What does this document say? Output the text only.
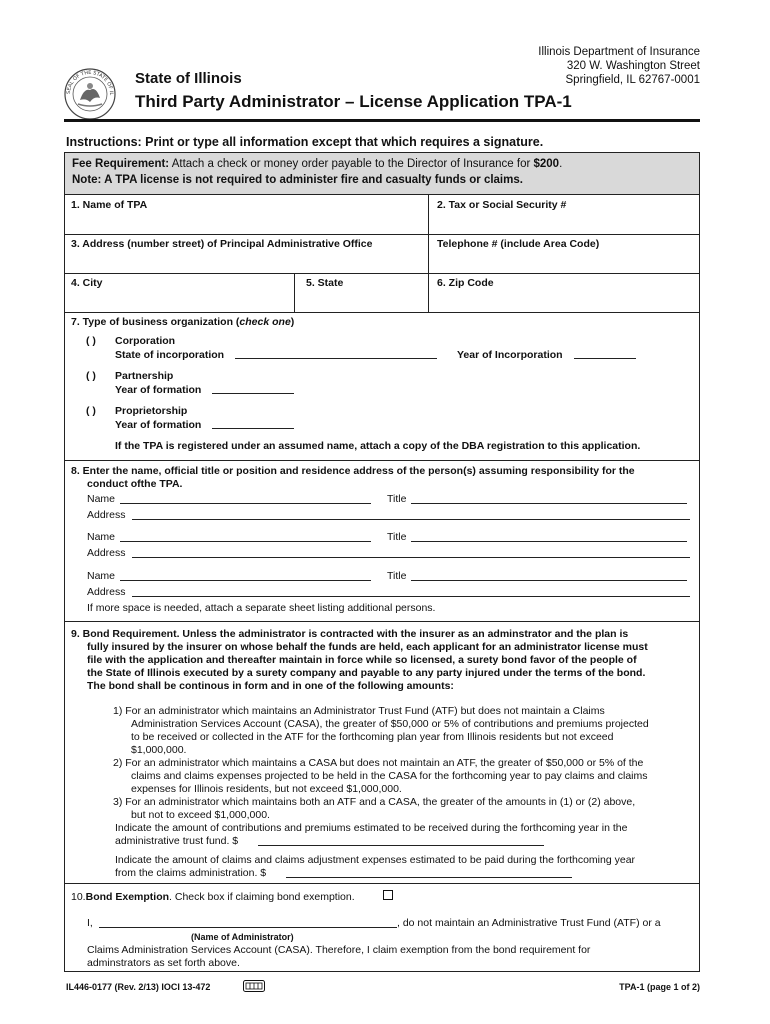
Illinois Department of Insurance
320 W. Washington Street
Springfield, IL 62767-0001
SEAL OF THE STATE OF IL
State of Illinois
Third Party Administrator – License Application TPA-1
Instructions: Print or type all information except that which requires a signature.
Fee Requirement: Attach a check or money order payable to the Director of Insurance for $200.
Note: A TPA license is not required to administer fire and casualty funds or claims.
1. Name of TPA	2. Tax or Social Security #
3. Address (number street) of Principal Administrative Office	Telephone # (include Area Code)
4. City	5. State	6. Zip Code
7. Type of business organization (check one)
( ) Corporation
State of incorporation	Year of Incorporation
( ) Partnership
Year of formation
( ) Proprietorship
Year of formation
If the TPA is registered under an assumed name, attach a copy of the DBA registration to this application.
8. Enter the name, official title or position and residence address of the person(s) assuming responsibility for the
conduct ofthe TPA.
Name	Title
Address
Name	Title
Address
Name	Title
Address
If more space is needed, attach a separate sheet listing additional persons.
9. Bond Requirement. Unless the administrator is contracted with the insurer as an adminstrator and the plan is
fully insured by the insurer on whose behalf the funds are held, each applicant for an administrator license must
file with the application and thereafter maintain in force while so licensed, a surety bond favor of the people of
the State of Illinois executed by a surety company and payable to any party injured under the terms of the bond.
The bond shall be continous in form and in one of the following amounts:
1) For an administrator which maintains an Administrator Trust Fund (ATF) but does not maintain a Claims
Administration Services Account (CASA), the greater of $50,000 or 5% of contributions and premiums projected
to be received or collected in the ATF for the forthcoming plan year from Illinois residents but not exceed
$1,000,000.
2) For an administrator which maintains a CASA but does not maintain an ATF, the greater of $50,000 or 5% of the
claims and claims expenses projected to be held in the CASA for the forthcoming year to pay claims and claims
expenses for Illinois residents, but not exceed $1,000,000.
3) For an administrator which maintains both an ATF and a CASA, the greater of the amounts in (1) or (2) above,
but not to exceed $1,000,000.
Indicate the amount of contributions and premiums estimated to be received during the forthcoming year in the
administrative trust fund. $
Indicate the amount of claims and claims adjustment expenses estimated to be paid during the forthcoming year
from the claims administration. $
10.Bond Exemption. Check box if claiming bond exemption.
I,	, do not maintain an Administrative Trust Fund (ATF) or a
(Name of Administrator)
Claims Administration Services Account (CASA). Therefore, I claim exemption from the bond requirement for
adminstrators as set forth above.
IL446-0177 (Rev. 2/13) IOCI 13-472	TPA-1 (page 1 of 2)
